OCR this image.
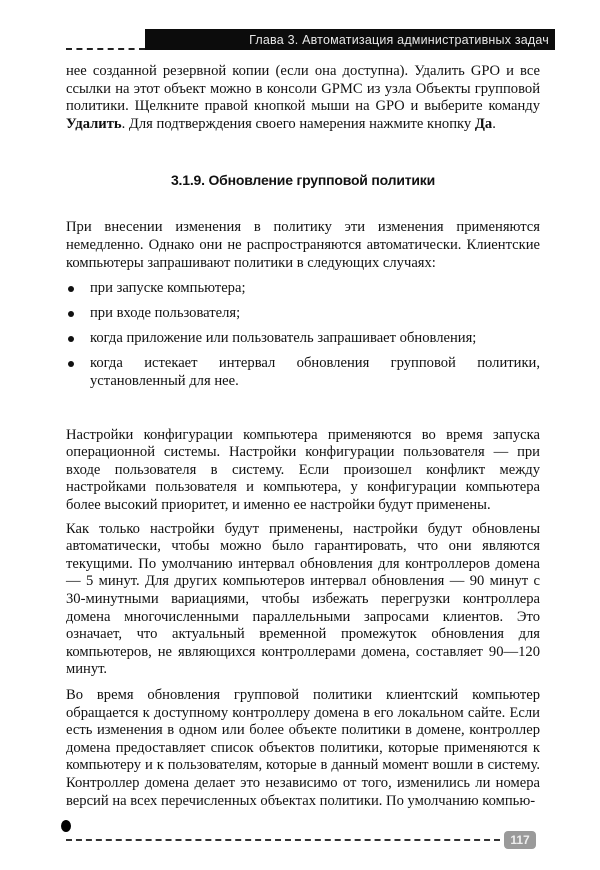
Глава 3. Автоматизация административных задач

нее созданной резервной копии (если она доступна). Удалить GPO и все ссылки на этот объект можно в консоли GPMC из узла Объекты групповой политики. Щелкните правой кнопкой мыши на GPO и выберите команду Удалить. Для подтверждения своего намерения нажмите кнопку Да.

3.1.9. Обновление групповой политики

При внесении изменения в политику эти изменения применяются немедленно. Однако они не распространяются автоматически. Клиентские компьютеры запрашивают политики в следующих случаях:

при запуске компьютера;
при входе пользователя;
когда приложение или пользователь запрашивает обновления;
когда истекает интервал обновления групповой политики, установленный для нее.

Настройки конфигурации компьютера применяются во время запуска операционной системы. Настройки конфигурации пользователя — при входе пользователя в систему. Если произошел конфликт между настройками пользователя и компьютера, у конфигурации компьютера более высокий приоритет, и именно ее настройки будут применены.

Как только настройки будут применены, настройки будут обновлены автоматически, чтобы можно было гарантировать, что они являются текущими. По умолчанию интервал обновления для контроллеров домена — 5 минут. Для других компьютеров интервал обновления — 90 минут с 30-минутными вариациями, чтобы избежать перегрузки контроллера домена многочисленными параллельными запросами клиентов. Это означает, что актуальный временной промежуток обновления для компьютеров, не являющихся контроллерами домена, составляет 90—120 минут.

Во время обновления групповой политики клиентский компьютер обращается к доступному контроллеру домена в его локальном сайте. Если есть изменения в одном или более объекте политики в домене, контроллер домена предоставляет список объектов политики, которые применяются к компьютеру и к пользователям, которые в данный момент вошли в систему. Контроллер домена делает это независимо от того, изменились ли номера версий на всех перечисленных объектах политики. По умолчанию компью-

117
